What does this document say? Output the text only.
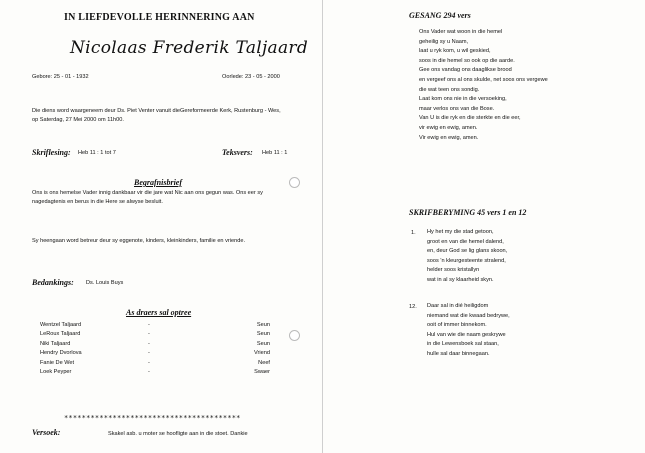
IN LIEFDEVOLLE HERINNERING AAN
Nicolaas Frederik Taljaard
Gebore: 25 - 01 - 1932	Oorlede: 23 - 05 - 2000
Die diens word waargeneem deur Ds. Piet Venter vanuit dieGereformeerde Kerk, Rustenburg - Wes,
op Saterdag, 27 Mei 2000 om 11h00.
Skriflesing: Heb 11 : 1 tot 7	Teksvers: Heb 11 : 1
Begrafnisbrief
Ons is ons hemelse Vader innig dankbaar vir die jare wat Nic aan ons gegun was. Ons eer sy
nagedagtenis en berus in die Here se alwyse besluit.
Sy heengaan word betreur deur sy eggenote, kinders, kleinkinders, familie en vriende.
Bedankings: Ds. Louis Buys
As draers sal optree
Wentzel Taljaard	-	Seun
LeRoux Taljaard	-	Seun
Niki Taljaard	-	Seun
Hendry Dvorlova	-	Vriend
Fanie De Wet	-	Neef
Loek Peyper	-	Swaer
****************************************
Versoek:	Skakel asb. u moter se hoofligte aan in die stoet. Dankie
GESANG 294 vers
Ons Vader wat woon in die hemel
geheilig sy u Naam,
laat u ryk kom, u wil geskied,
soos in die hemel so ook op die aarde.
Gee ons vandag ons daaglikse brood
en vergeef ons al ons skulde, net soos ons vergewe
die wat teen ons sondig.
Laat kom ons nie in die versoeking,
maar verlos ons van die Bose.
Van U is die ryk en die sterkte en die eer,
vir ewig en ewig, amen.
Vir ewig en ewig, amen.
SKRIFBERYMING 45 vers 1 en 12
1. Hy het my die stad getoon,
groot en van die hemel dalend,
en, deur God se lig glans skoon,
soos 'n kleurgesteente stralend,
helder soos kristallyn
wat in al sy klaarheid skyn.
12. Daar sal in dié heiligdom
niemand wat die kwaad bedrywe,
ooit of immer binnekom.
Hul van wie die naam geskrywe
in die Lewensboek sal staan,
hulle sal daar binnegaan.
